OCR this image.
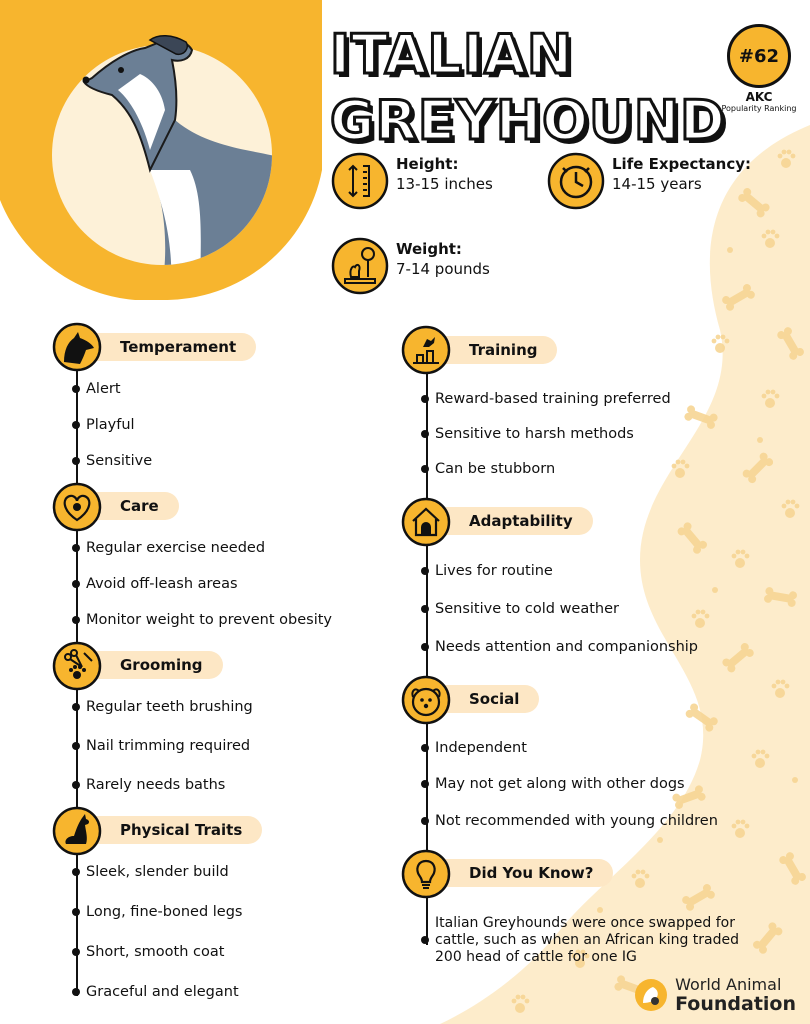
ITALIAN
GREYHOUND
#62
AKC
Popularity Ranking
Height:
13-15 inches
Life Expectancy:
14-15 years
Weight:
7-14 pounds
Temperament
Alert
Playful
Sensitive
Care
Regular exercise needed
Avoid off-leash areas
Monitor weight to prevent obesity
Grooming
Regular teeth brushing
Nail trimming required
Rarely needs baths
Physical Traits
Sleek, slender build
Long, fine-boned legs
Short, smooth coat
Graceful and elegant
Training
Reward-based training preferred
Sensitive to harsh methods
Can be stubborn
Adaptability
Lives for routine
Sensitive to cold weather
Needs attention and companionship
Social
Independent
May not get along with other dogs
Not recommended with young children
Did You Know?
Italian Greyhounds were once swapped for cattle, such as when an African king traded 200 head of cattle for one IG
World Animal
Foundation
